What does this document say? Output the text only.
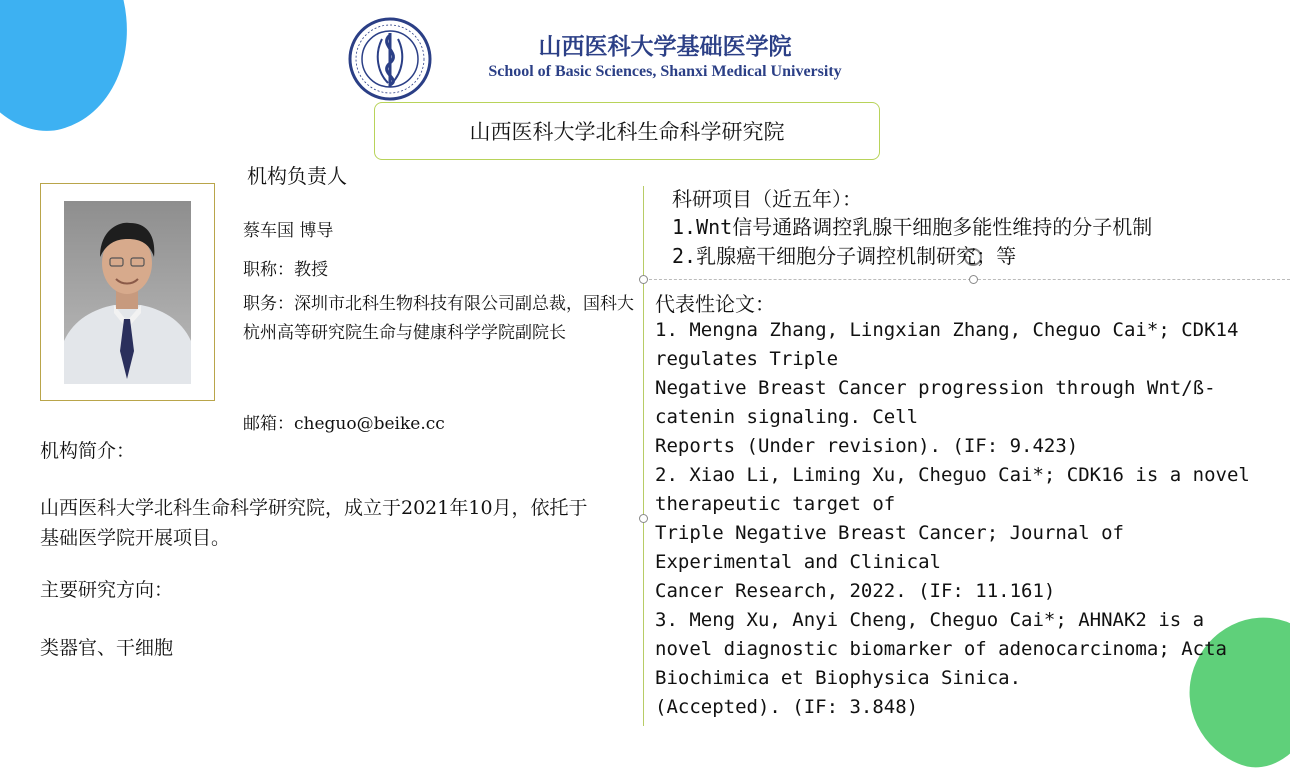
山西医科大学基础医学院
School of Basic Sciences, Shanxi Medical University
山西医科大学北科生命科学研究院
机构负责人
蔡车国 博导
职称：教授
职务：深圳市北科生物科技有限公司副总裁，国科大杭州高等研究院生命与健康科学学院副院长
邮箱：cheguo@beike.cc
机构简介：
山西医科大学北科生命科学研究院，成立于2021年10月，依托于基础医学院开展项目。
主要研究方向：
类器官、干细胞
科研项目（近五年）：
1.Wnt信号通路调控乳腺干细胞多能性维持的分子机制
2.乳腺癌干细胞分子调控机制研究；等
代表性论文：
1. Mengna Zhang, Lingxian Zhang, Cheguo Cai*; CDK14
regulates Triple
Negative Breast Cancer progression through Wnt/ß-
catenin signaling. Cell
Reports (Under revision). (IF: 9.423)
2. Xiao Li, Liming Xu, Cheguo Cai*; CDK16 is a novel
therapeutic target of
Triple Negative Breast Cancer; Journal of
Experimental and Clinical
Cancer Research, 2022. (IF: 11.161)
3. Meng Xu, Anyi Cheng, Cheguo Cai*; AHNAK2 is a
novel diagnostic biomarker of adenocarcinoma; Acta
Biochimica et Biophysica Sinica.
(Accepted). (IF: 3.848)
